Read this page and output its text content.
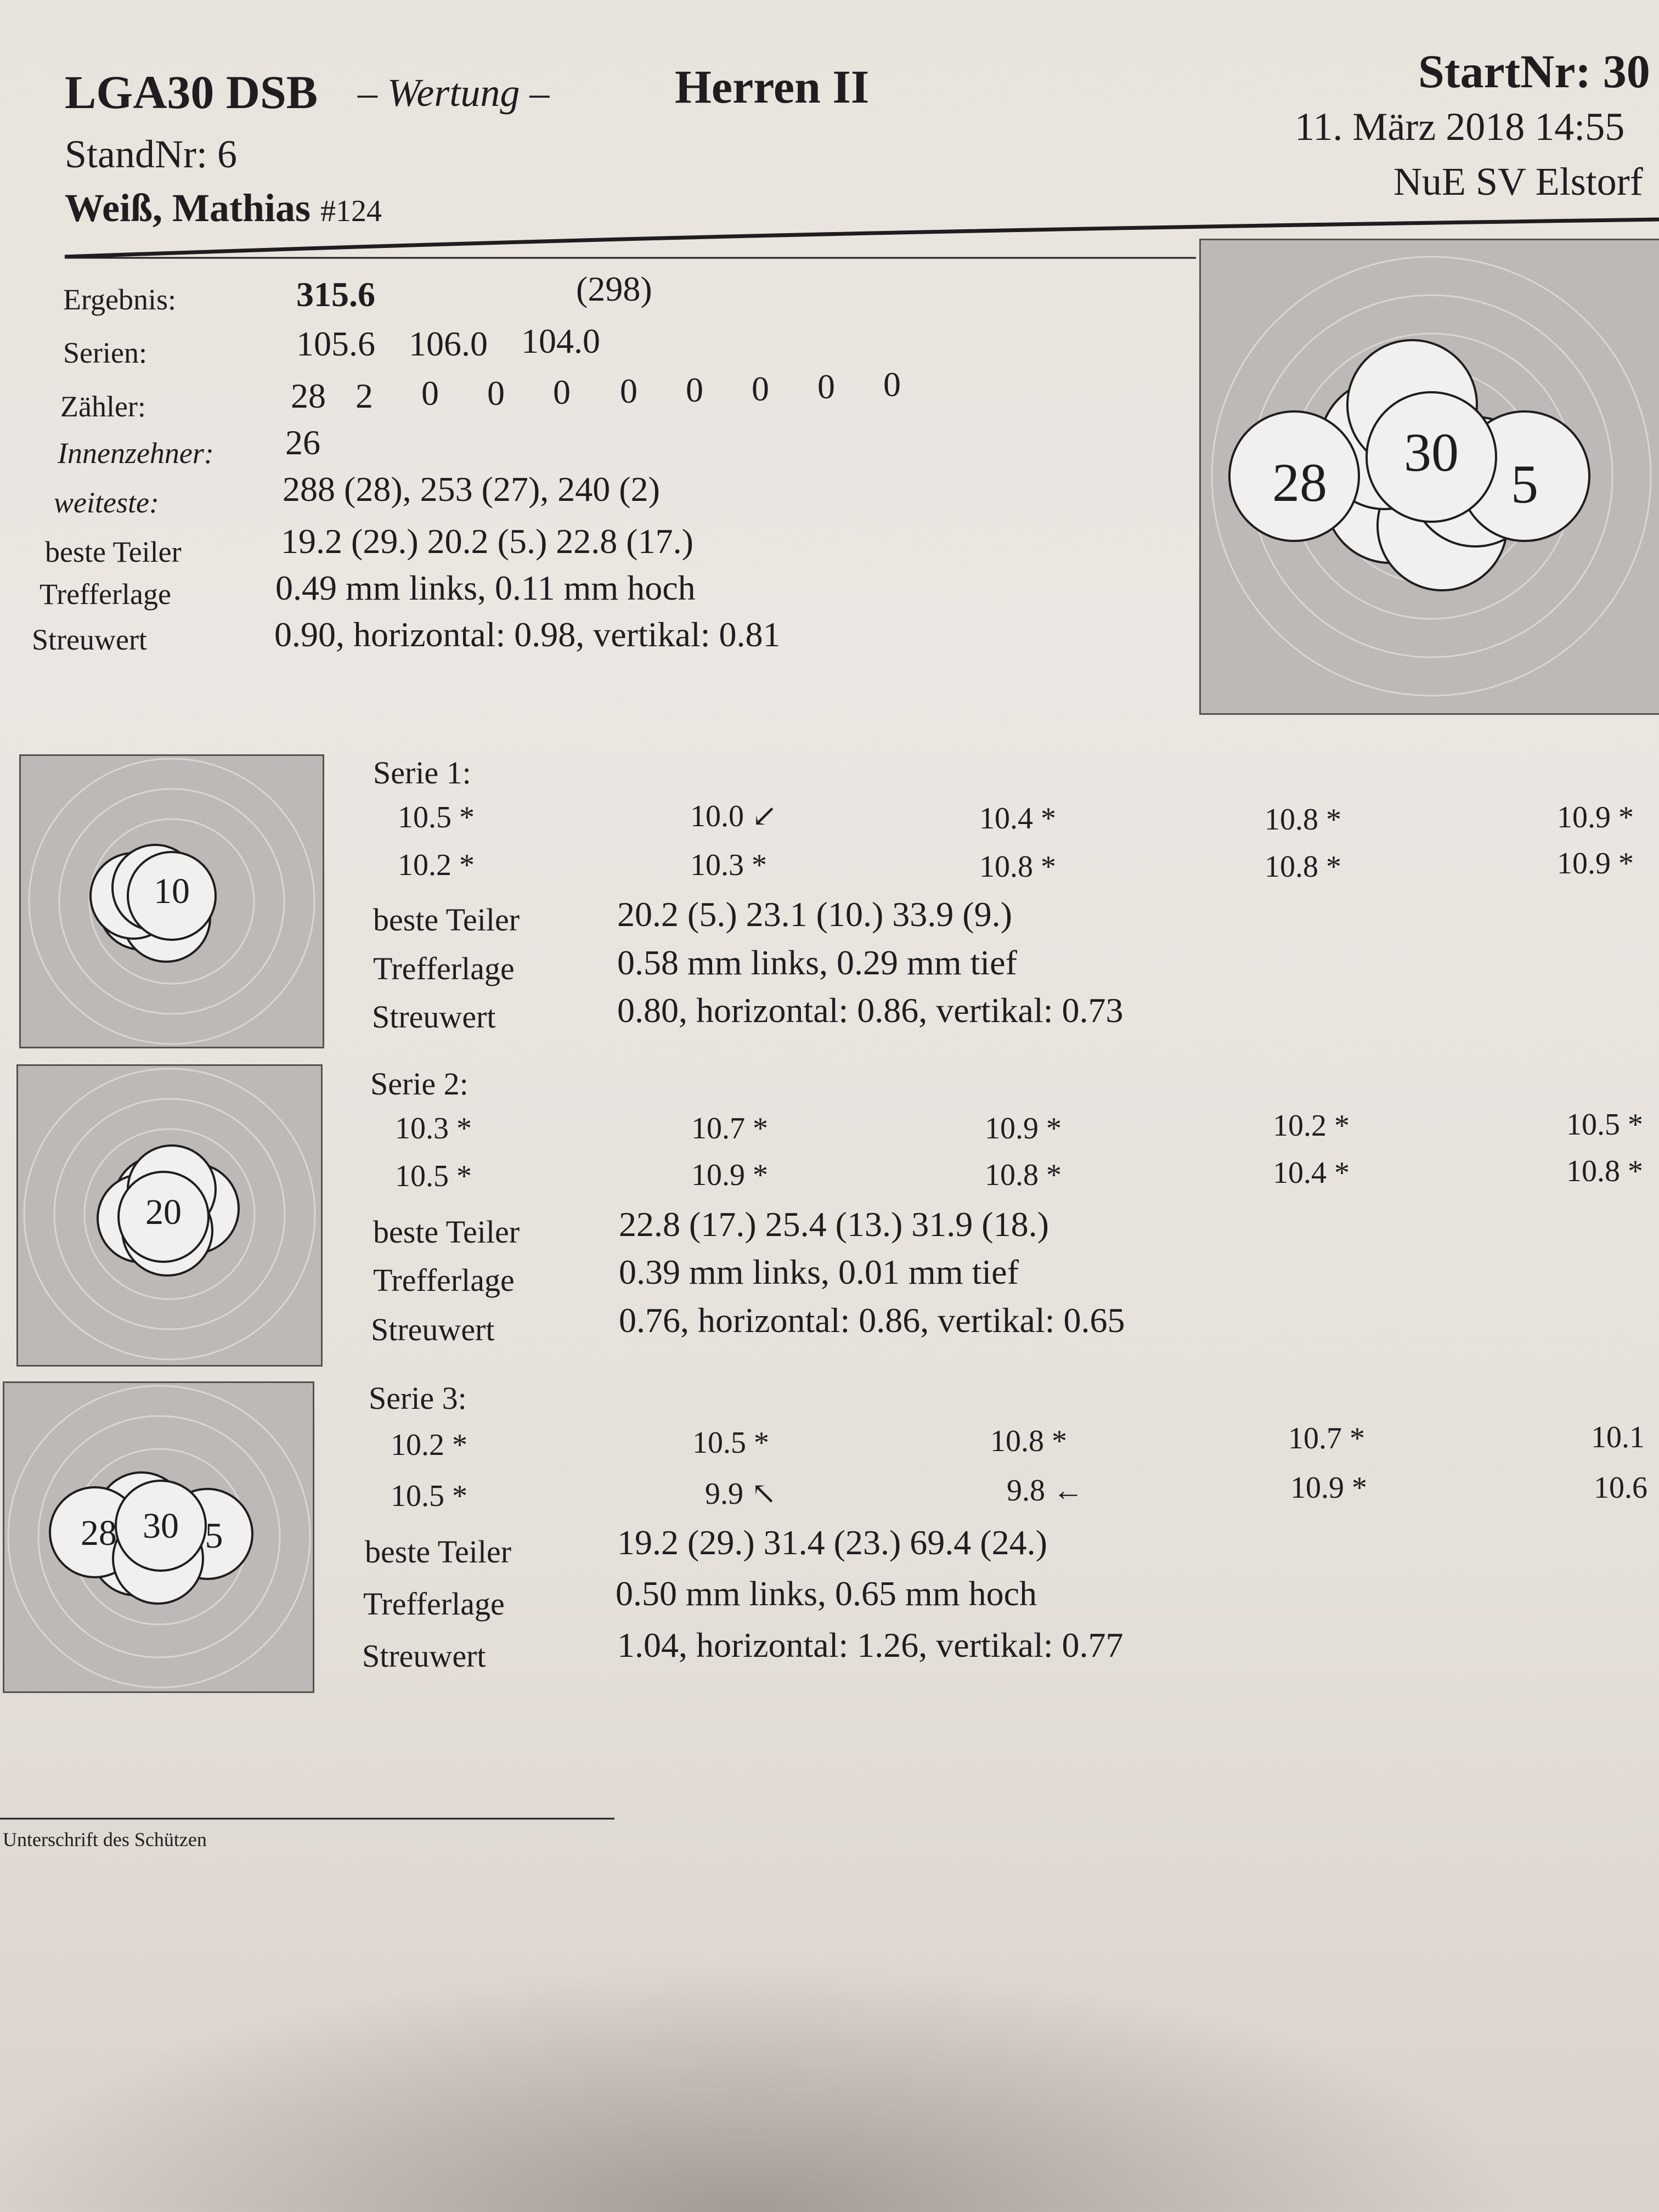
LGA30 DSB – Wertung –	Herren II	StartNr: 30
StandNr: 6
11. März 2018 14:55
Weiß, Mathias #124
NuE SV Elstorf
Ergebnis:	315.6	(298)
Serien:	105.6 106.0 104.0
Zähler:	28 2 0 0 0 0 0 0 0 0
Innenzehner: 26
weiteste:	288 (28), 253 (27), 240 (2)
beste Teiler	19.2 (29.) 20.2 (5.) 22.8 (17.)
Trefferlage	0.49 mm links, 0.11 mm hoch
Streuwert	0.90, horizontal: 0.98, vertikal: 0.81
30
28	5
10
Serie 1:
10.5 *	10.0 ↙	10.4 *	10.8 *	10.9 *
10.2 *	10.3 *	10.8 *	10.8 *	10.9 *
beste Teiler	20.2 (5.) 23.1 (10.) 33.9 (9.)
Trefferlage	0.58 mm links, 0.29 mm tief
Streuwert	0.80, horizontal: 0.86, vertikal: 0.73
20
Serie 2:
10.3 *	10.7 *	10.9 *	10.2 *	10.5 *
10.5 *	10.9 *	10.8 *	10.4 *	10.8 *
beste Teiler	22.8 (17.) 25.4 (13.) 31.9 (18.)
Trefferlage	0.39 mm links, 0.01 mm tief
Streuwert	0.76, horizontal: 0.86, vertikal: 0.65
30
28 5
Serie 3:
10.2 *	10.5 *	10.8 *	10.7 *	10.1
10.5 *	9.9 ↖	9.8 ←	10.9 *	10.6
beste Teiler	19.2 (29.) 31.4 (23.) 69.4 (24.)
Trefferlage	0.50 mm links, 0.65 mm hoch
Streuwert	1.04, horizontal: 1.26, vertikal: 0.77
Unterschrift des Schützen
